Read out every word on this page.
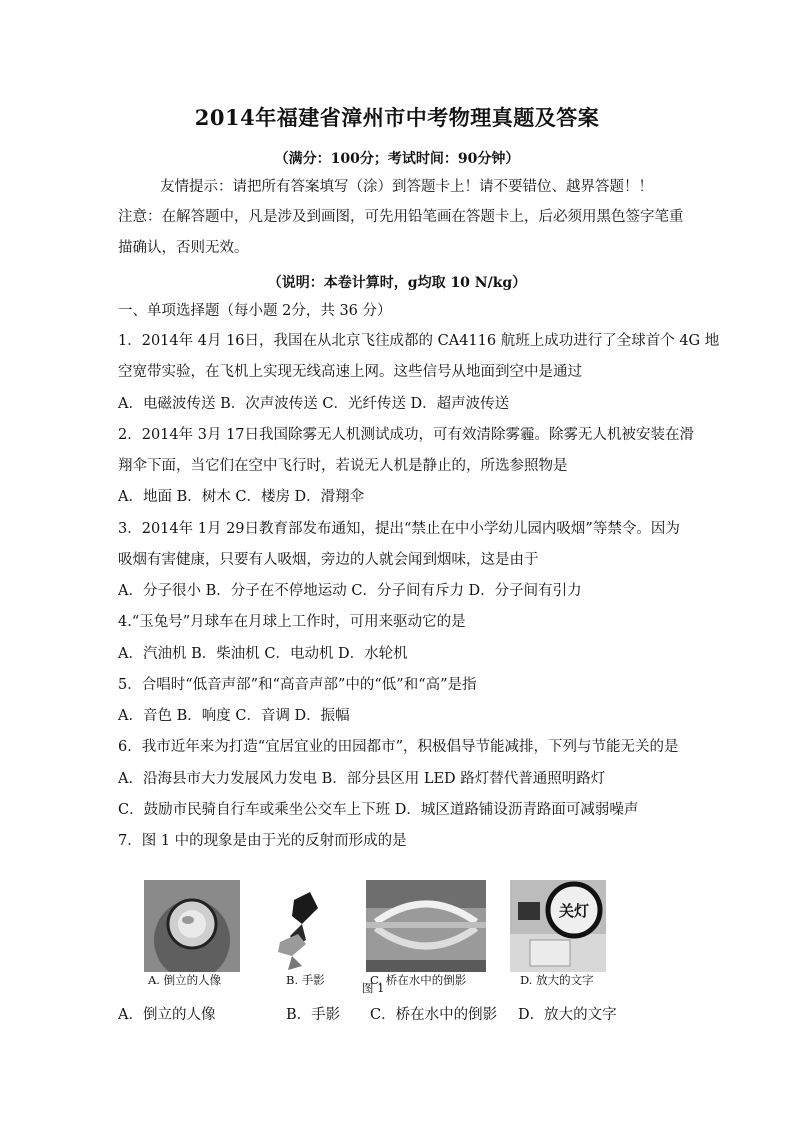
2014年福建省漳州市中考物理真题及答案
（满分：100分；考试时间：90分钟）
友情提示：请把所有答案填写（涂）到答题卡上！请不要错位、越界答题！！
注意：在解答题中，凡是涉及到画图，可先用铅笔画在答题卡上，后必须用黑色签字笔重
描确认，否则无效。
（说明：本卷计算时，g均取 10 N/kg）
一、单项选择题（每小题 2分，共 36 分）
1．2014年 4月 16日，我国在从北京飞往成都的 CA4116 航班上成功进行了全球首个 4G 地
空宽带实验，在飞机上实现无线高速上网。这些信号从地面到空中是通过
A．电磁波传送 B．次声波传送 C．光纤传送 D．超声波传送
2．2014年 3月 17日我国除雾无人机测试成功，可有效清除雾霾。除雾无人机被安装在滑
翔伞下面，当它们在空中飞行时，若说无人机是静止的，所选参照物是
A．地面 B．树木 C．楼房 D．滑翔伞
3．2014年 1月 29日教育部发布通知，提出“禁止在中小学幼儿园内吸烟”等禁令。因为
吸烟有害健康，只要有人吸烟，旁边的人就会闻到烟味，这是由于
A．分子很小 B．分子在不停地运动 C．分子间有斥力 D．分子间有引力
4.“玉兔号”月球车在月球上工作时，可用来驱动它的是
A．汽油机 B．柴油机 C．电动机 D．水轮机
5．合唱时“低音声部”和“高音声部”中的“低”和“高”是指
A．音色 B．响度 C．音调 D．振幅
6．我市近年来为打造“宜居宜业的田园都市”，积极倡导节能减排，下列与节能无关的是
A．沿海县市大力发展风力发电 B．部分县区用 LED 路灯替代普通照明路灯
C．鼓励市民骑自行车或乘坐公交车上下班 D．城区道路铺设沥青路面可减弱噪声
7．图 1 中的现象是由于光的反射而形成的是
关灯
A. 倒立的人像	B. 手影	C. 桥在水中的倒影	D. 放大的文字
图 1
A．倒立的人像	B．手影 C．桥在水中的倒影 D．放大的文字
